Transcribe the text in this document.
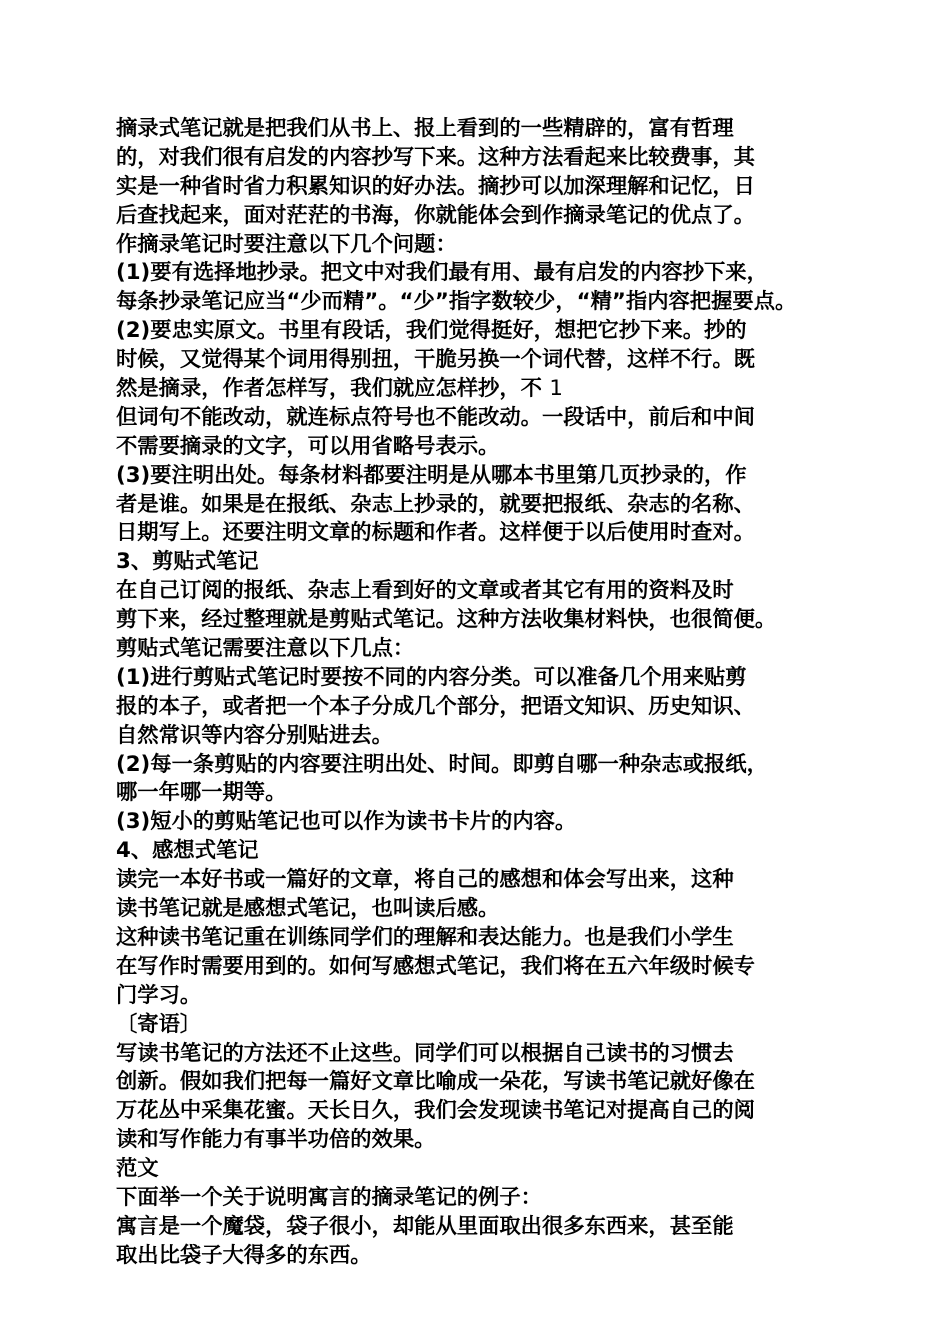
摘录式笔记就是把我们从书上、报上看到的一些精辟的，富有哲理
的，对我们很有启发的内容抄写下来。这种方法看起来比较费事，其
实是一种省时省力积累知识的好办法。摘抄可以加深理解和记忆，日
后查找起来，面对茫茫的书海，你就能体会到作摘录笔记的优点了。
作摘录笔记时要注意以下几个问题：
(1)要有选择地抄录。把文中对我们最有用、最有启发的内容抄下来，
每条抄录笔记应当“少而精”。“少”指字数较少，“精”指内容把握要点。
(2)要忠实原文。书里有段话，我们觉得挺好，想把它抄下来。抄的
时候，又觉得某个词用得别扭，干脆另换一个词代替，这样不行。既
然是摘录，作者怎样写，我们就应怎样抄，不 1
但词句不能改动，就连标点符号也不能改动。一段话中，前后和中间
不需要摘录的文字，可以用省略号表示。
(3)要注明出处。每条材料都要注明是从哪本书里第几页抄录的，作
者是谁。如果是在报纸、杂志上抄录的，就要把报纸、杂志的名称、
日期写上。还要注明文章的标题和作者。这样便于以后使用时查对。
3、剪贴式笔记
在自己订阅的报纸、杂志上看到好的文章或者其它有用的资料及时
剪下来，经过整理就是剪贴式笔记。这种方法收集材料快，也很简便。
剪贴式笔记需要注意以下几点：
(1)进行剪贴式笔记时要按不同的内容分类。可以准备几个用来贴剪
报的本子，或者把一个本子分成几个部分，把语文知识、历史知识、
自然常识等内容分别贴进去。
(2)每一条剪贴的内容要注明出处、时间。即剪自哪一种杂志或报纸，
哪一年哪一期等。
(3)短小的剪贴笔记也可以作为读书卡片的内容。
4、感想式笔记
读完一本好书或一篇好的文章，将自己的感想和体会写出来，这种
读书笔记就是感想式笔记，也叫读后感。
这种读书笔记重在训练同学们的理解和表达能力。也是我们小学生
在写作时需要用到的。如何写感想式笔记，我们将在五六年级时候专
门学习。
〔寄语〕
写读书笔记的方法还不止这些。同学们可以根据自己读书的习惯去
创新。假如我们把每一篇好文章比喻成一朵花，写读书笔记就好像在
万花丛中采集花蜜。天长日久，我们会发现读书笔记对提高自己的阅
读和写作能力有事半功倍的效果。
范文
下面举一个关于说明寓言的摘录笔记的例子：
寓言是一个魔袋，袋子很小，却能从里面取出很多东西来，甚至能
取出比袋子大得多的东西。
